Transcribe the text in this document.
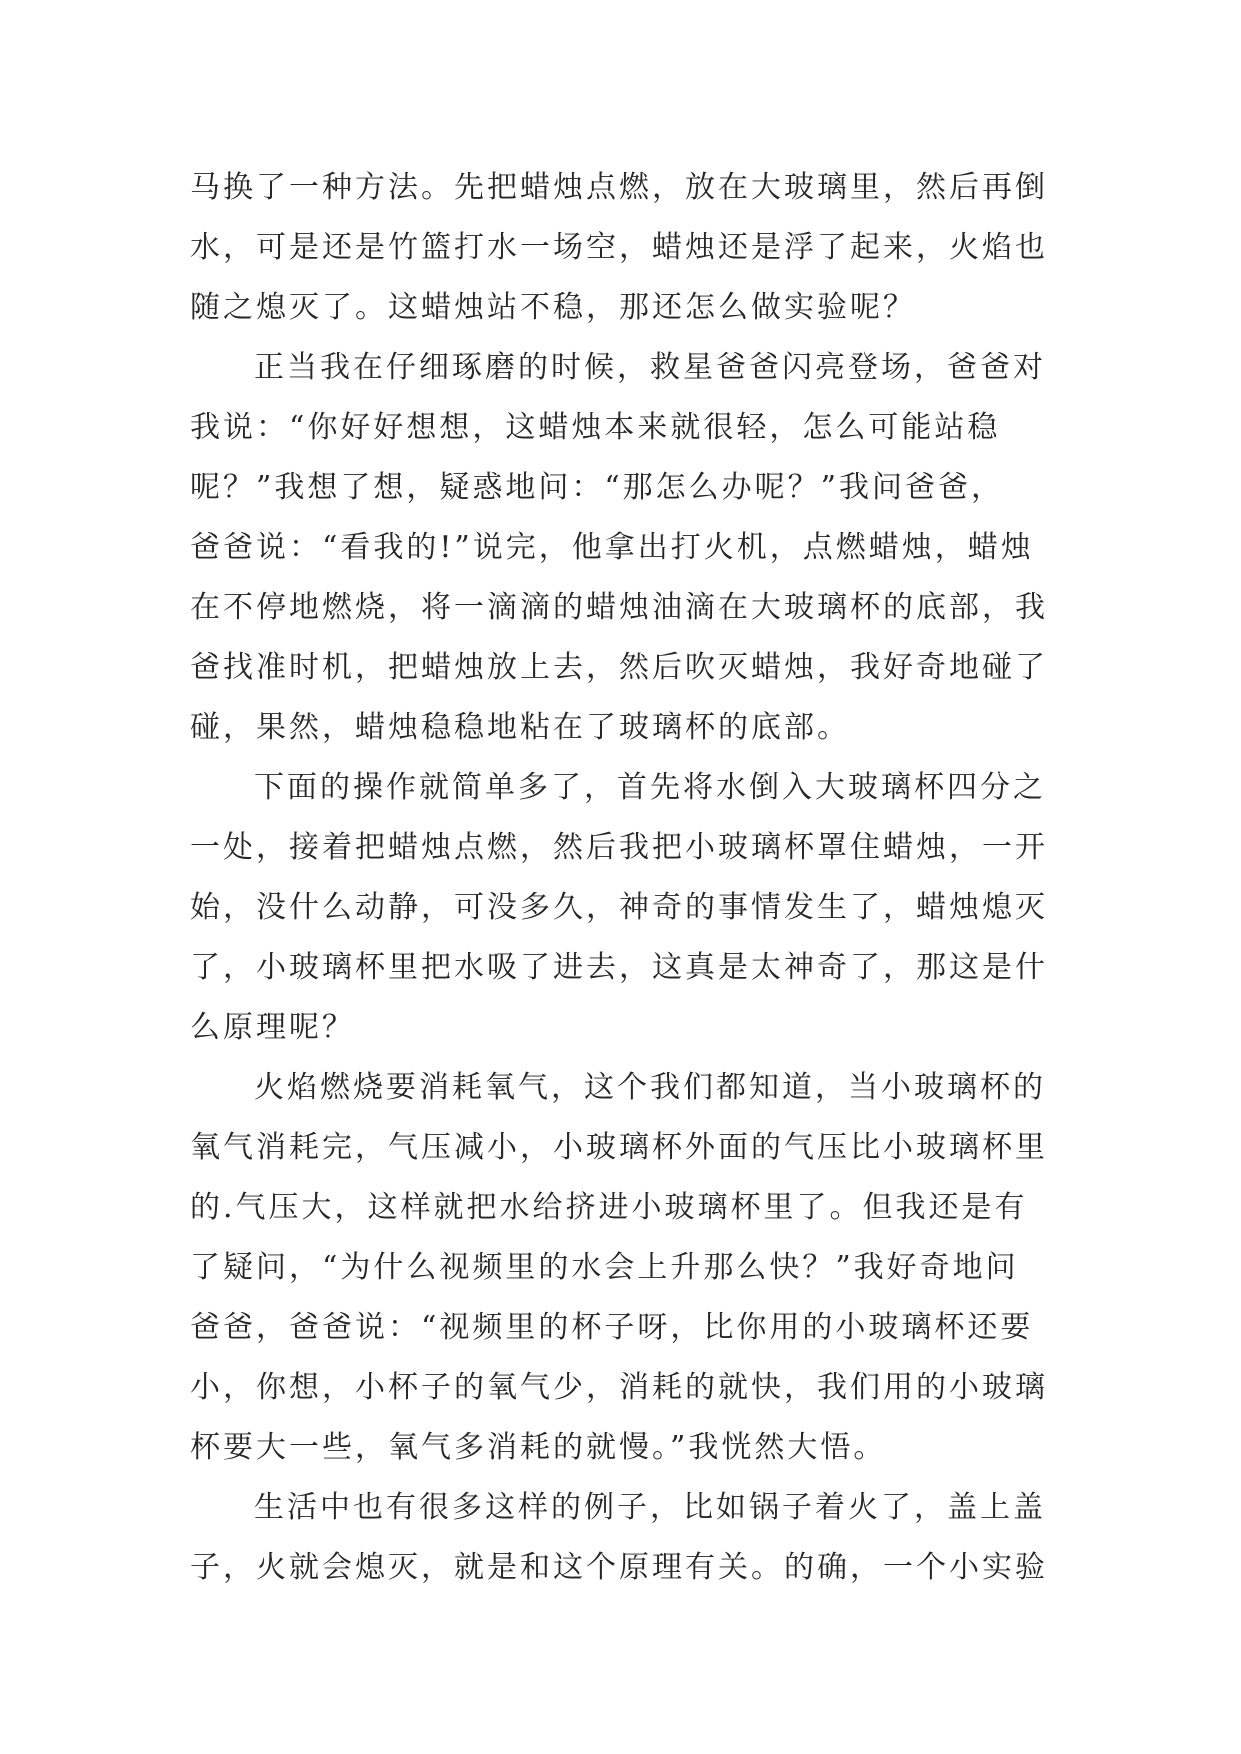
马换了一种方法。先把蜡烛点燃，放在大玻璃里，然后再倒
水，可是还是竹篮打水一场空，蜡烛还是浮了起来，火焰也
随之熄灭了。这蜡烛站不稳，那还怎么做实验呢？
正当我在仔细琢磨的时候，救星爸爸闪亮登场，爸爸对
我说：“你好好想想，这蜡烛本来就很轻，怎么可能站稳
呢？”我想了想，疑惑地问：“那怎么办呢？”我问爸爸，
爸爸说：“看我的!”说完，他拿出打火机，点燃蜡烛，蜡烛
在不停地燃烧，将一滴滴的蜡烛油滴在大玻璃杯的底部，我
爸找准时机，把蜡烛放上去，然后吹灭蜡烛，我好奇地碰了
碰，果然，蜡烛稳稳地粘在了玻璃杯的底部。
下面的操作就简单多了，首先将水倒入大玻璃杯四分之
一处，接着把蜡烛点燃，然后我把小玻璃杯罩住蜡烛，一开
始，没什么动静，可没多久，神奇的事情发生了，蜡烛熄灭
了，小玻璃杯里把水吸了进去，这真是太神奇了，那这是什
么原理呢？
火焰燃烧要消耗氧气，这个我们都知道，当小玻璃杯的
氧气消耗完，气压减小，小玻璃杯外面的气压比小玻璃杯里
的.气压大，这样就把水给挤进小玻璃杯里了。但我还是有
了疑问，“为什么视频里的水会上升那么快？”我好奇地问
爸爸，爸爸说：“视频里的杯子呀，比你用的小玻璃杯还要
小，你想，小杯子的氧气少，消耗的就快，我们用的小玻璃
杯要大一些，氧气多消耗的就慢。”我恍然大悟。
生活中也有很多这样的例子，比如锅子着火了，盖上盖
子，火就会熄灭，就是和这个原理有关。的确，一个小实验
